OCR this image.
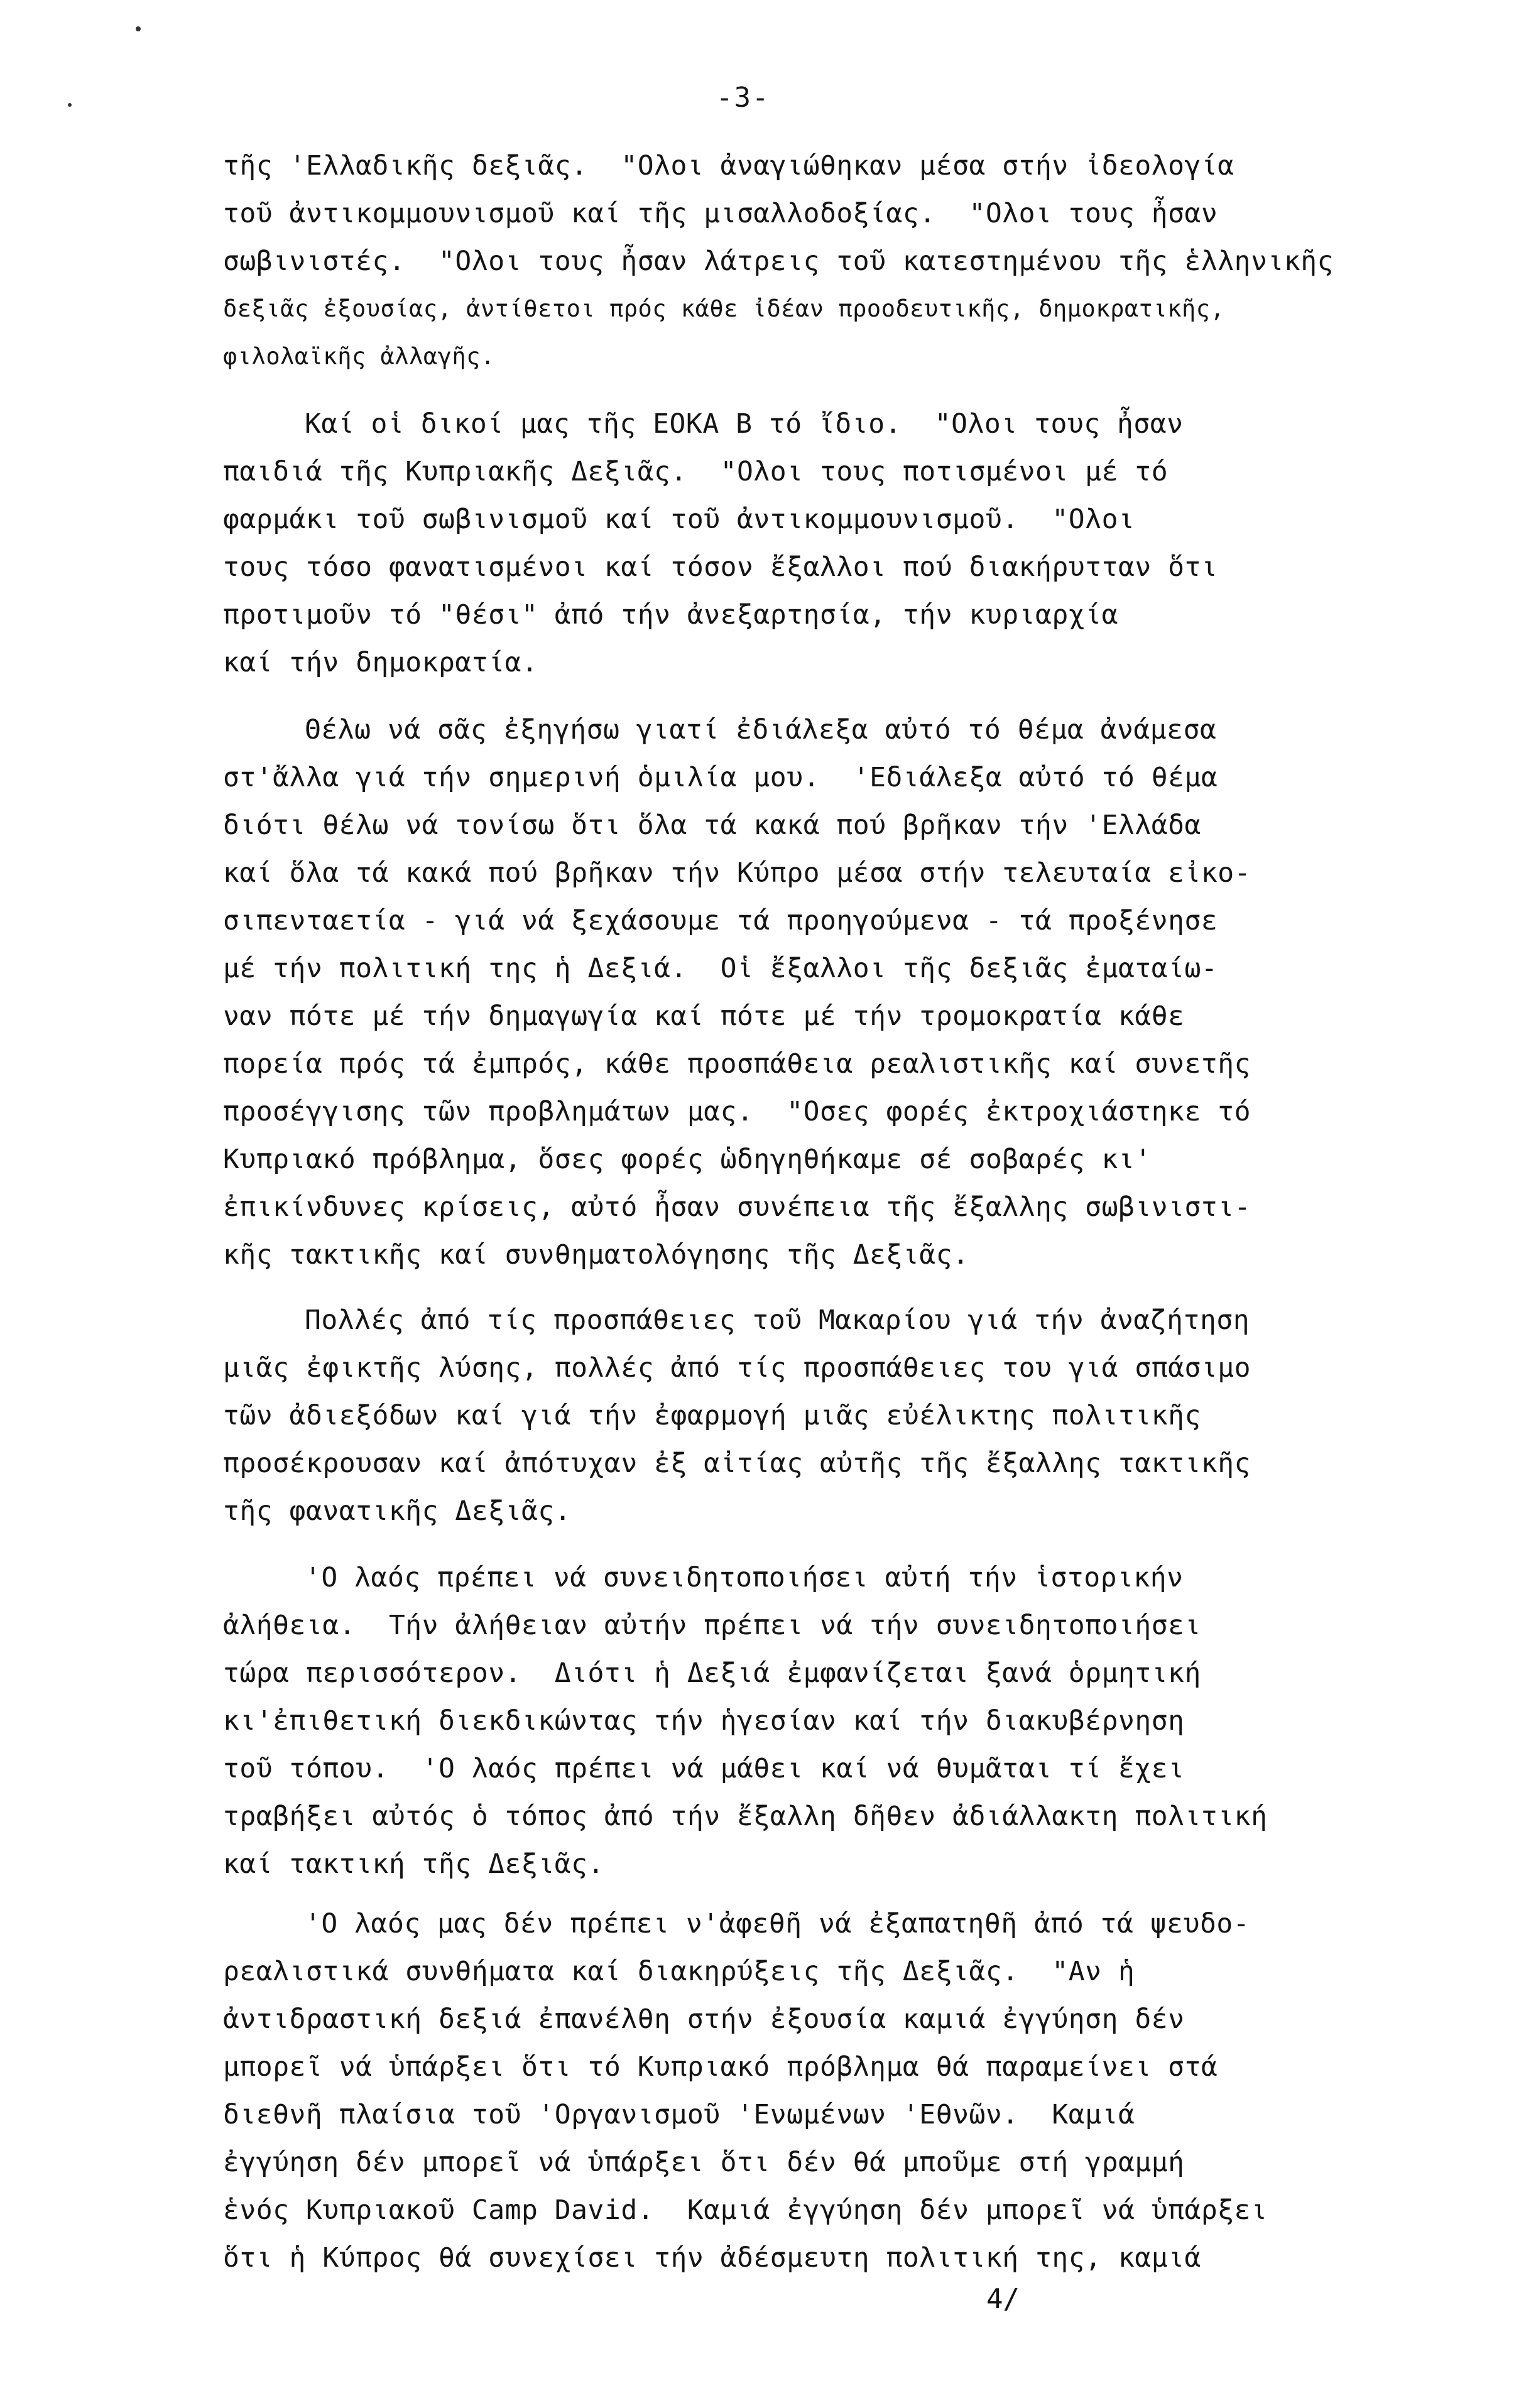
-3-

τῆς 'Ελλαδικῆς δεξιᾶς.  "Ολοι ἀναγιώθηκαν μέσα στήν ἰδεολογία
τοῦ ἀντικομμουνισμοῦ καί τῆς μισαλλοδοξίας.  "Ολοι τους ἦσαν
σωβινιστές.  "Ολοι τους ἦσαν λάτρεις τοῦ κατεστημένου τῆς ἑλληνικῆς
δεξιᾶς ἐξουσίας, ἀντίθετοι πρός κάθε ἰδέαν προοδευτικῆς, δημοκρατικῆς,
φιλολαϊκῆς ἀλλαγῆς.

Καί οἱ δικοί μας τῆς ΕΟΚΑ Β τό ἴδιο.  "Ολοι τους ἦσαν
παιδιά τῆς Κυπριακῆς Δεξιᾶς.  "Ολοι τους ποτισμένοι μέ τό
φαρμάκι τοῦ σωβινισμοῦ καί τοῦ ἀντικομμουνισμοῦ.  "Ολοι
τους τόσο φανατισμένοι καί τόσον ἔξαλλοι πού διακήρυτταν ὅτι
προτιμοῦν τό "θέσι" ἀπό τήν ἀνεξαρτησία, τήν κυριαρχία
καί τήν δημοκρατία.

Θέλω νά σᾶς ἐξηγήσω γιατί ἐδιάλεξα αὐτό τό θέμα ἀνάμεσα
στ'ἄλλα γιά τήν σημερινή ὁμιλία μου.  'Εδιάλεξα αὐτό τό θέμα
διότι θέλω νά τονίσω ὅτι ὅλα τά κακά πού βρῆκαν τήν 'Ελλάδα
καί ὅλα τά κακά πού βρῆκαν τήν Κύπρο μέσα στήν τελευταία εἰκο-
σιπενταετία - γιά νά ξεχάσουμε τά προηγούμενα - τά προξένησε
μέ τήν πολιτική της ἡ Δεξιά.  Οἱ ἔξαλλοι τῆς δεξιᾶς ἐματαίω-
ναν πότε μέ τήν δημαγωγία καί πότε μέ τήν τρομοκρατία κάθε
πορεία πρός τά ἐμπρός, κάθε προσπάθεια ρεαλιστικῆς καί συνετῆς
προσέγγισης τῶν προβλημάτων μας.  "Οσες φορές ἐκτροχιάστηκε τό
Κυπριακό πρόβλημα, ὅσες φορές ὡδηγηθήκαμε σέ σοβαρές κι'
ἐπικίνδυνες κρίσεις, αὐτό ἦσαν συνέπεια τῆς ἔξαλλης σωβινιστι-
κῆς τακτικῆς καί συνθηματολόγησης τῆς Δεξιᾶς.

Πολλές ἀπό τίς προσπάθειες τοῦ Μακαρίου γιά τήν ἀναζήτηση
μιᾶς ἐφικτῆς λύσης, πολλές ἀπό τίς προσπάθειες του γιά σπάσιμο
τῶν ἀδιεξόδων καί γιά τήν ἐφαρμογή μιᾶς εὐέλικτης πολιτικῆς
προσέκρουσαν καί ἀπότυχαν ἐξ αἰτίας αὐτῆς τῆς ἔξαλλης τακτικῆς
τῆς φανατικῆς Δεξιᾶς.

'Ο λαός πρέπει νά συνειδητοποιήσει αὐτή τήν ἱστορικήν
ἀλήθεια.  Τήν ἀλήθειαν αὐτήν πρέπει νά τήν συνειδητοποιήσει
τώρα περισσότερον.  Διότι ἡ Δεξιά ἐμφανίζεται ξανά ὁρμητική
κι'ἐπιθετική διεκδικώντας τήν ἡγεσίαν καί τήν διακυβέρνηση
τοῦ τόπου.  'Ο λαός πρέπει νά μάθει καί νά θυμᾶται τί ἔχει
τραβήξει αὐτός ὁ τόπος ἀπό τήν ἔξαλλη δῆθεν ἀδιάλλακτη πολιτική
καί τακτική τῆς Δεξιᾶς.

'Ο λαός μας δέν πρέπει ν'ἀφεθῆ νά ἐξαπατηθῆ ἀπό τά ψευδο-
ρεαλιστικά συνθήματα καί διακηρύξεις τῆς Δεξιᾶς.  "Αν ἡ
ἀντιδραστική δεξιά ἐπανέλθη στήν ἐξουσία καμιά ἐγγύηση δέν
μπορεῖ νά ὑπάρξει ὅτι τό Κυπριακό πρόβλημα θά παραμείνει στά
διεθνῆ πλαίσια τοῦ 'Οργανισμοῦ 'Ενωμένων 'Εθνῶν.  Καμιά
ἐγγύηση δέν μπορεῖ νά ὑπάρξει ὅτι δέν θά μποῦμε στή γραμμή
ἑνός Κυπριακοῦ Camp David.  Καμιά ἐγγύηση δέν μπορεῖ νά ὑπάρξει
ὅτι ἡ Κύπρος θά συνεχίσει τήν ἀδέσμευτη πολιτική της, καμιά

4/
